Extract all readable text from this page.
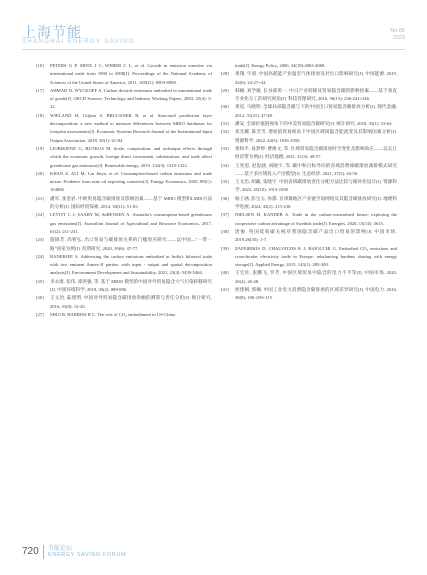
上海节能
SHANGHAI ENERGY SAVING
No.05
2023
[16] PETERS G P, MINX J C, WEBER C L, et al. Growth in emission transfers via international trade from 1990 to 2008[J]. Proceedings of the National Academy of Sciences of the United States of America, 2011, 108(21): 8903-8908.
[17] AHMAD N, WYCKOFF A. Carbon dioxide emissions embodied in international trade of goods[J]. OECD Science, Technology and Industry Working Papers, 2003, 25(4): 3-22.
[18] WIELAND H, Giljum S, BRUCKNER R, et al. Structural production layer decomposition: a new method to measure differences between MRIO databases for footprint assessments[J]. Economic Systems Research Journal of the International Input Output Association, 2018, 30(1): 61-84.
[19] LIOBIKIENE G, BUTKUS M. Scale, composition, and technique effects through which the economic growth, foreign direct investment, urbanization, and trade affect greenhouse gas emissions[J]. Renewable energy, 2019, 132(3): 1310-1322.
[20] KHAN Z, ALI M, Liu Jinyu, et al. Consumption-based carbon emissions and trade nexus: Evidence from nine oil exporting countries[J]. Energy Economics, 2020, 89(C): 104806.
[21] 潘军, 张金岩. 中欧贸易隐含碳排放及影响因素——基于 MRIO 模型和LMDI方法的分析[J]. 国际经贸探索, 2014, 30(11): 51-65.
[22] LEVITT C J, SAABY M, SøRENSEN A. Australia's consumption-based greenhouse gas emissions[J]. Australian Journal of Agricultural and Resource Economics, 2017, 61(2): 211-231.
[23] 施锦芳, 高智弘. 出口贸易与碳排放关系的门槛效应研究——以中国—"一带一路"国家为例[J]. 投资研究, 2020, 39(6): 47-77.
[24] BANERJEE S. Addressing the carbon emissions embodied in India's bilateral trade with two eminent Annex-II parties: with input - output and spatial decomposition analysis[J]. Environment Development and Sustainability, 2021, 23(4): 5430-5464.
[25] 李永康, 张伟, 谭洪强, 等. 基于 MRIO 模型的中国对外贸易隐含大气污染转移研究[J]. 中国环境科学, 2019, 39(2): 889-896.
[26] 王文治, 陆建明. 中国对外贸易隐含碳排放余额的测算与责任分担[J]. 统计研究, 2016, 33(8): 12-20.
[27] SHUI B, HARRISS R C. The role of CO₂ embodiment in US-China
trade[J]. Energy Policy, 2006, 34(18):4063-4068.
[28] 黄翔, 牛晨. 中国高耗能产业温室气体排放及对出口影响研究[J]. 中国能源, 2019, 32(6): 24-27+44.
[29] 韩楠, 刘学敏, 长谷部勇一. 中日产业转移及贸易隐含碳的影响因素——基于垂直专业化分工的研究视角[J]. 科技管理研究, 2016, 36(15): 236-241+246.
[30] 黄宸, 马晓明. 全球局部隐含碳与下的中国出口贸易隐含碳排放分析[J]. 现代金融, 2012, 31(21): 47-48.
[31] 潘安. 全球价值链视角下的中美贸易隐含碳研究[J]. 统计研究, 2018, 35(1): 53-64.
[32] 邓光耀, 陈芳雪. 增加值贸易视角下中国区域间隐含能流变及其影响因素分析[J]. 资源科学, 2022, 44(5): 1036-1050.
[33] 黄和平, 易梦婷, 曹俊文, 等. 区域贸易隐含碳排放时空变化及影响效应——以长江经济带为例[J]. 经济地理, 2021, 41(3): 49-57.
[34] 王宪恩, 赵思涵, 刘晓宇, 等. 碳中和目标导向的省域消费端碳排放减排模式研究——基于多区域投入产出模型[J]. 生态经济, 2021, 37(5): 43-50.
[35] 王文治, 胡藏, 张晓宇. 中国省域碳排放责任分配方法比较与碳补偿设计[J]. 资源科学, 2023, 45(10): 1913-1930.
[36] 杨子涵, 彭宝玉, 孙都. 京津冀地区产业链空间网络及其隐含碳排放研究[J]. 地理科学进展, 2024, 43(2): 215-230.
[37] NIELSEN H, KANDER A. Trade in the carbon-constrained future: exploring the cooperative carbon advantage of Swedish trade[J]. Energies, 2020, 13(14): 3613.
[38] 唐俊. 英国硅收碳关税对我国隐含碳产品出口贸易的影响[J]. 中国市场, 2019,26(35): 1-7.
[39] ZAFEIRIKIS D, CHALVATZIS K J, BAIOCCHI G. Embodied CO₂ emissions and cross-border electricity trade in Europe: rebalancing burdens sharing with energy storage[J]. Applied Energy, 2015, 143(1): 283-300.
[40] 王宏佐, 张鹏飞, 罗芳. 中国区域贸易中隐含的电力不平等[J]. 中国市场, 2020, 20(4): 26-28.
[41] 侯建朝, 郭娴. 中国工业电力消费隐含碳排放的区域差异研究[J]. 中国电力, 2016, 49(8): 106-109+115.
720 节能论坛
ENERGY SAVING FORUM
